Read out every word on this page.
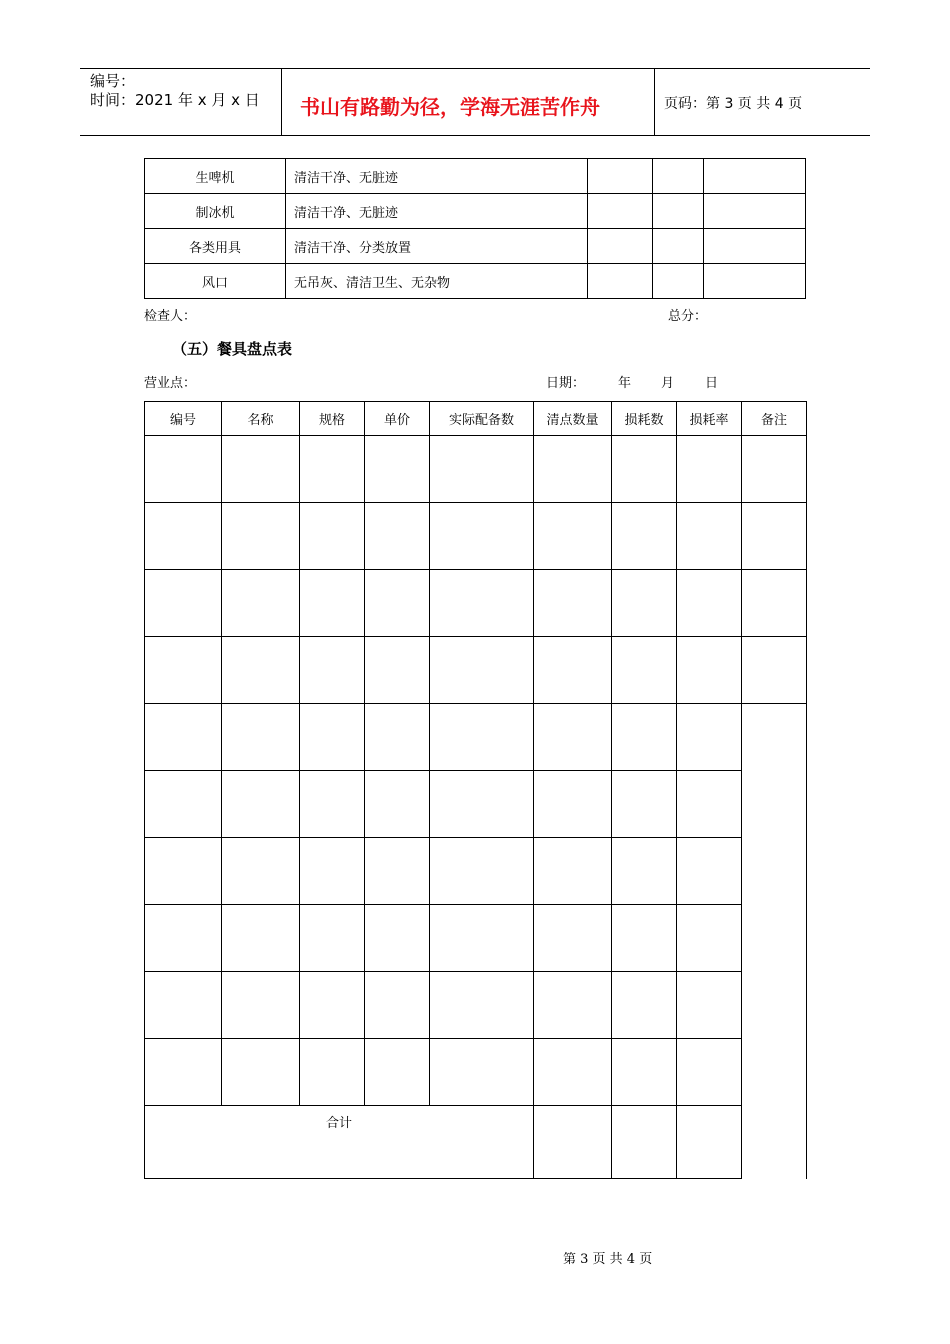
编号：
时间：2021 年 x 月 x 日 书山有路勤为径，学海无涯苦作舟	页码：第 3 页 共 4 页
生啤机	清洁干净、无脏迹			
制冰机	清洁干净、无脏迹			
各类用具	清洁干净、分类放置			
风口	无吊灰、清洁卫生、无杂物			
检查人：	总分：
（五）餐具盘点表
营业点：	日期：	年 月 日
编号	名称	规格	单价	实际配备数	清点数量	损耗数	损耗率	备注

合计								
第 3 页 共 4 页
